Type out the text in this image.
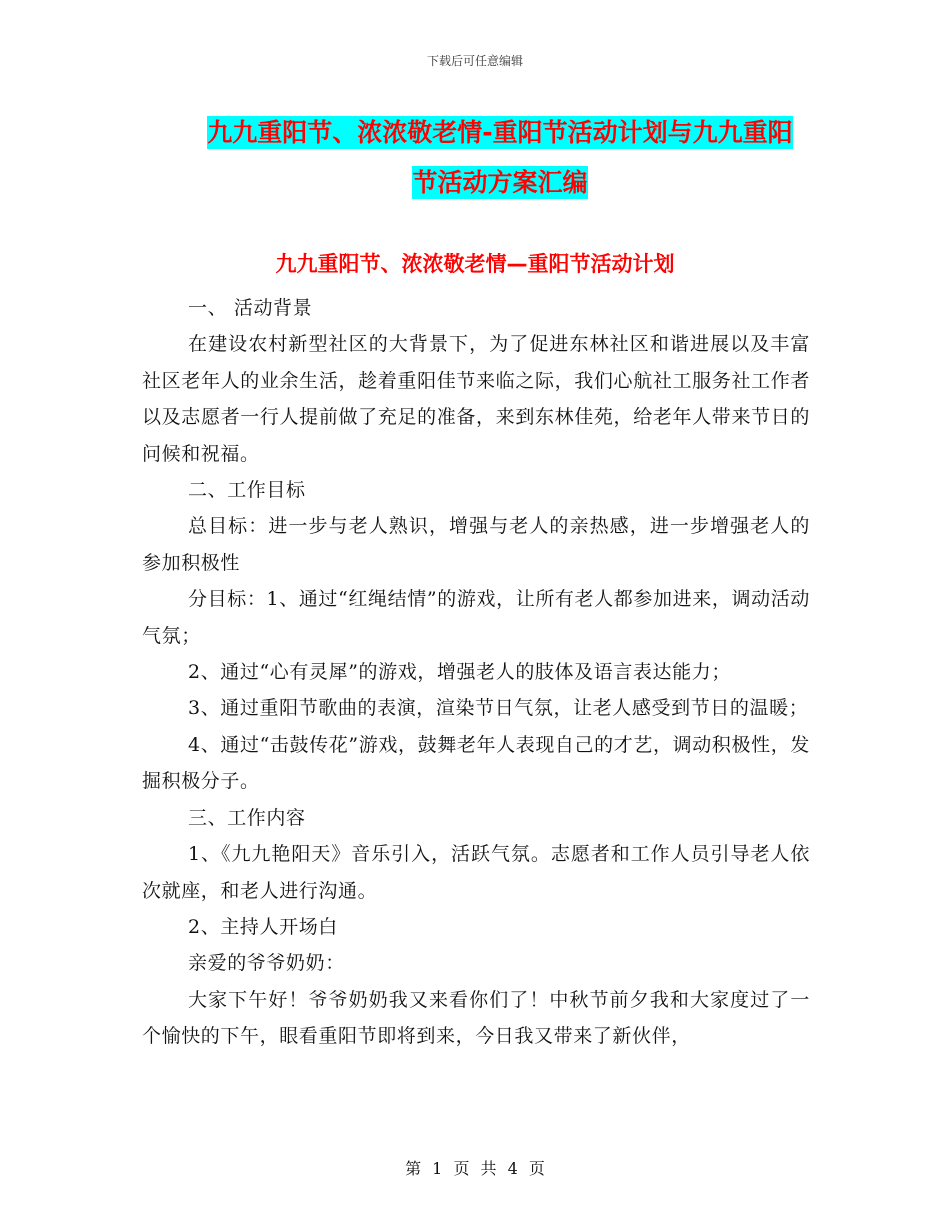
下载后可任意编辑
九九重阳节、浓浓敬老情-重阳节活动计划与九九重阳
节活动方案汇编
九九重阳节、浓浓敬老情—重阳节活动计划

一、 活动背景

在建设农村新型社区的大背景下，为了促进东林社区和谐进展以及丰富社区老年人的业余生活，趁着重阳佳节来临之际，我们心航社工服务社工作者以及志愿者一行人提前做了充足的准备，来到东林佳苑，给老年人带来节日的问候和祝福。

二、工作目标

总目标：进一步与老人熟识，增强与老人的亲热感，进一步增强老人的参加积极性

分目标：1、通过“红绳结情”的游戏，让所有老人都参加进来，调动活动气氛；

2、通过“心有灵犀”的游戏，增强老人的肢体及语言表达能力；

3、通过重阳节歌曲的表演，渲染节日气氛，让老人感受到节日的温暖；

4、通过“击鼓传花”游戏，鼓舞老年人表现自己的才艺，调动积极性，发掘积极分子。

三、工作内容

1、《九九艳阳天》音乐引入，活跃气氛。志愿者和工作人员引导老人依次就座，和老人进行沟通。

2、主持人开场白

亲爱的爷爷奶奶：

大家下午好！爷爷奶奶我又来看你们了！中秋节前夕我和大家度过了一个愉快的下午，眼看重阳节即将到来，今日我又带来了新伙伴，

第 1 页 共 4 页
